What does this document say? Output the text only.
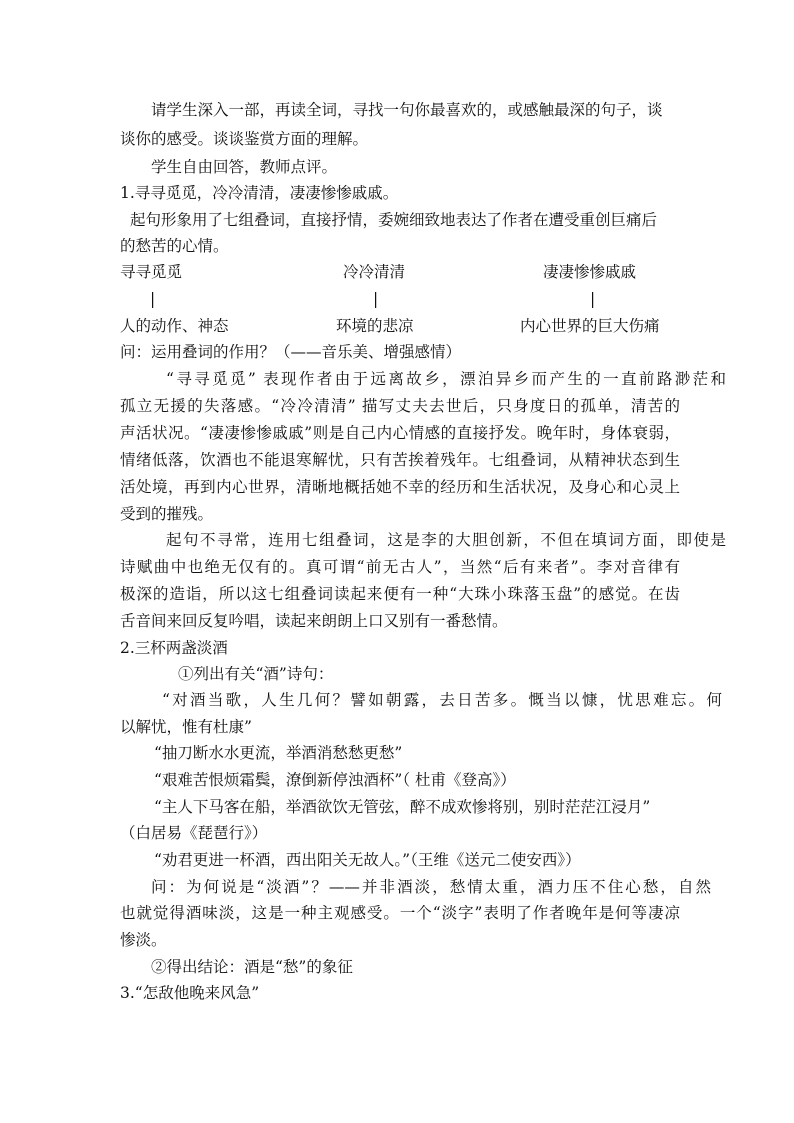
请学生深入一部，再读全词，寻找一句你最喜欢的，或感触最深的句子，谈
谈你的感受。谈谈鉴赏方面的理解。
学生自由回答，教师点评。
1.寻寻觅觅，冷冷清清，凄凄惨惨戚戚。
起句形象用了七组叠词，直接抒情，委婉细致地表达了作者在遭受重创巨痛后
的愁苦的心情。
寻寻觅觅	冷冷清清	凄凄惨惨戚戚
|	|	|
人的动作、神态	环境的悲凉	内心世界的巨大伤痛
问：运用叠词的作用？（——音乐美、增强感情）
“寻寻觅觅” 表现作者由于远离故乡，漂泊异乡而产生的一直前路渺茫和
孤立无援的失落感。“冷冷清清” 描写丈夫去世后，只身度日的孤单，清苦的
声活状况。“凄凄惨惨戚戚”则是自己内心情感的直接抒发。晚年时，身体衰弱，
情绪低落，饮酒也不能退寒解忧，只有苦挨着残年。七组叠词，从精神状态到生
活处境，再到内心世界，清晰地概括她不幸的经历和生活状况，及身心和心灵上
受到的摧残。
起句不寻常，连用七组叠词，这是李的大胆创新，不但在填词方面，即使是
诗赋曲中也绝无仅有的。真可谓“前无古人”，当然“后有来者”。李对音律有
极深的造诣，所以这七组叠词读起来便有一种“大珠小珠落玉盘”的感觉。在齿
舌音间来回反复吟唱，读起来朗朗上口又别有一番愁情。
2.三杯两盏淡酒
①列出有关“酒”诗句：
“对酒当歌，人生几何？譬如朝露，去日苦多。慨当以慷，忧思难忘。何
以解忧，惟有杜康”
“抽刀断水水更流，举酒消愁愁更愁”
“艰难苦恨烦霜鬓，潦倒新停浊酒杯”（ 杜甫《登高》）
“主人下马客在船，举酒欲饮无管弦，醉不成欢惨将别，别时茫茫江浸月”
（白居易《琵琶行》）
“劝君更进一杯酒，西出阳关无故人。”（王维《送元二使安西》）
问：为何说是“淡酒”？——并非酒淡，愁情太重，酒力压不住心愁，自然
也就觉得酒味淡，这是一种主观感受。一个“淡字”表明了作者晚年是何等凄凉
惨淡。
②得出结论：酒是“愁”的象征
3.“怎敌他晚来风急”
